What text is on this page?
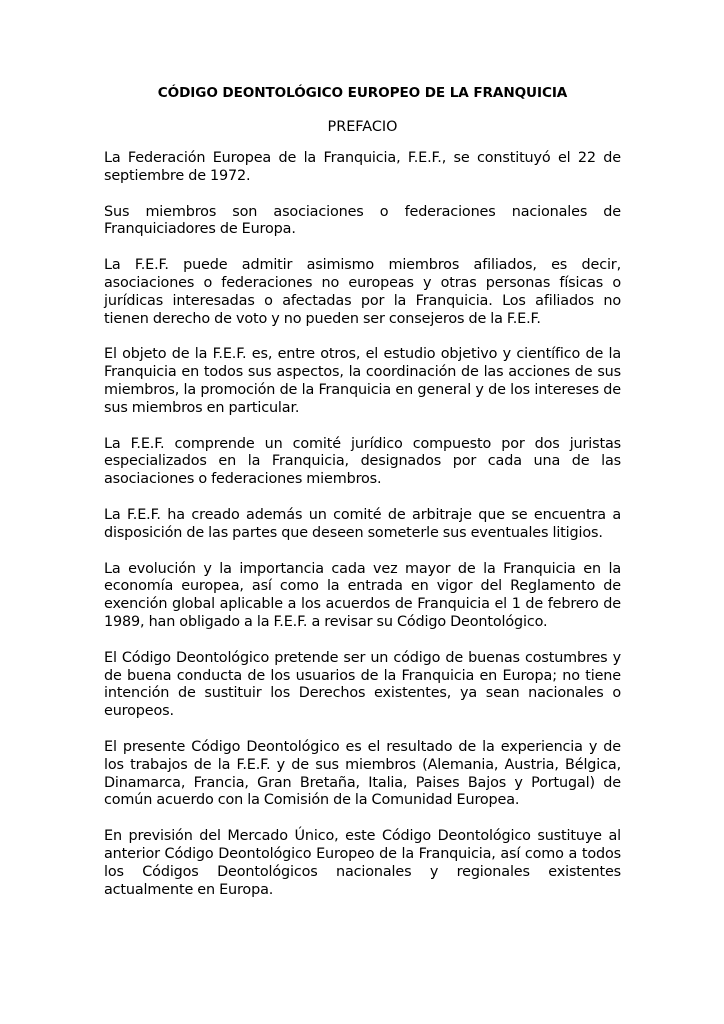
CÓDIGO DEONTOLÓGICO EUROPEO DE LA FRANQUICIA
PREFACIO

La Federación Europea de la Franquicia, F.E.F., se constituyó el 22 de septiembre de 1972.

Sus miembros son asociaciones o federaciones nacionales de Franquiciadores de Europa.

La F.E.F. puede admitir asimismo miembros afiliados, es decir, asociaciones o federaciones no europeas y otras personas físicas o jurídicas interesadas o afectadas por la Franquicia. Los afiliados no tienen derecho de voto y no pueden ser consejeros de la F.E.F.

El objeto de la F.E.F. es, entre otros, el estudio objetivo y científico de la Franquicia en todos sus aspectos, la coordinación de las acciones de sus miembros, la promoción de la Franquicia en general y de los intereses de sus miembros en particular.

La F.E.F. comprende un comité jurídico compuesto por dos juristas especializados en la Franquicia, designados por cada una de las asociaciones o federaciones miembros.

La F.E.F. ha creado además un comité de arbitraje que se encuentra a disposición de las partes que deseen someterle sus eventuales litigios.

La evolución y la importancia cada vez mayor de la Franquicia en la economía europea, así como la entrada en vigor del Reglamento de exención global aplicable a los acuerdos de Franquicia el 1 de febrero de 1989, han obligado a la F.E.F. a revisar su Código Deontológico.

El Código Deontológico pretende ser un código de buenas costumbres y de buena conducta de los usuarios de la Franquicia en Europa; no tiene intención de sustituir los Derechos existentes, ya sean nacionales o europeos.

El presente Código Deontológico es el resultado de la experiencia y de los trabajos de la F.E.F. y de sus miembros (Alemania, Austria, Bélgica, Dinamarca, Francia, Gran Bretaña, Italia, Paises Bajos y Portugal) de común acuerdo con la Comisión de la Comunidad Europea.

En previsión del Mercado Único, este Código Deontológico sustituye al anterior Código Deontológico Europeo de la Franquicia, así como a todos los Códigos Deontológicos nacionales y regionales existentes actualmente en Europa.
